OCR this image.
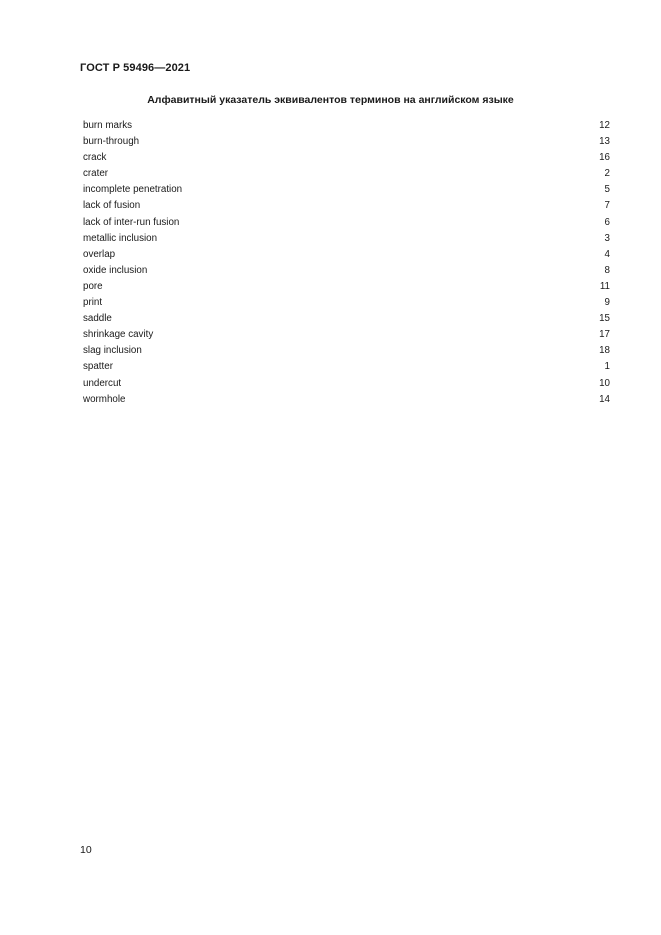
ГОСТ Р 59496—2021
Алфавитный указатель эквивалентов терминов на английском языке
burn marks	12
burn-through	13
crack	16
crater	2
incomplete penetration	5
lack of fusion	7
lack of inter-run fusion	6
metallic inclusion	3
overlap	4
oxide inclusion	8
pore	11
print	9
saddle	15
shrinkage cavity	17
slag inclusion	18
spatter	1
undercut	10
wormhole	14
10
